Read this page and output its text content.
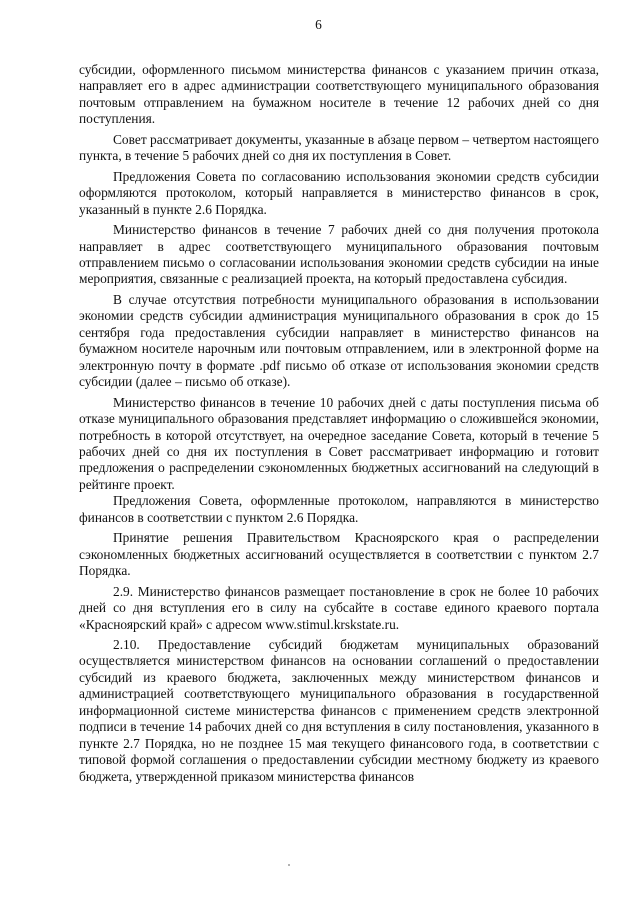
6

субсидии, оформленного письмом министерства финансов с указанием причин отказа, направляет его в адрес администрации соответствующего муниципального образования почтовым отправлением на бумажном носителе в течение 12 рабочих дней со дня поступления.

Совет рассматривает документы, указанные в абзаце первом – четвертом настоящего пункта, в течение 5 рабочих дней со дня их поступления в Совет.

Предложения Совета по согласованию использования экономии средств субсидии оформляются протоколом, который направляется в министерство финансов в срок, указанный в пункте 2.6 Порядка.

Министерство финансов в течение 7 рабочих дней со дня получения протокола направляет в адрес соответствующего муниципального образования почтовым отправлением письмо о согласовании использования экономии средств субсидии на иные мероприятия, связанные с реализацией проекта, на который предоставлена субсидия.

В случае отсутствия потребности муниципального образования в использовании экономии средств субсидии администрация муниципального образования в срок до 15 сентября года предоставления субсидии направляет в министерство финансов на бумажном носителе нарочным или почтовым отправлением, или в электронной форме на электронную почту в формате .pdf письмо об отказе от использования экономии средств субсидии (далее – письмо об отказе).

Министерство финансов в течение 10 рабочих дней с даты поступления письма об отказе муниципального образования представляет информацию о сложившейся экономии, потребность в которой отсутствует, на очередное заседание Совета, который в течение 5 рабочих дней со дня их поступления в Совет рассматривает информацию и готовит предложения о распределении сэкономленных бюджетных ассигнований на следующий в рейтинге проект.

Предложения Совета, оформленные протоколом, направляются в министерство финансов в соответствии с пунктом 2.6 Порядка.

Принятие решения Правительством Красноярского края о распределении сэкономленных бюджетных ассигнований осуществляется в соответствии с пунктом 2.7 Порядка.

2.9. Министерство финансов размещает постановление в срок не более 10 рабочих дней со дня вступления его в силу на субсайте в составе единого краевого портала «Красноярский край» с адресом www.stimul.krskstate.ru.

2.10. Предоставление субсидий бюджетам муниципальных образований осуществляется министерством финансов на основании соглашений о предоставлении субсидий из краевого бюджета, заключенных между министерством финансов и администрацией соответствующего муниципального образования в государственной информационной системе министерства финансов с применением средств электронной подписи в течение 14 рабочих дней со дня вступления в силу постановления, указанного в пункте 2.7 Порядка, но не позднее 15 мая текущего финансового года, в соответствии с типовой формой соглашения о предоставлении субсидии местному бюджету из краевого бюджета, утвержденной приказом министерства финансов
